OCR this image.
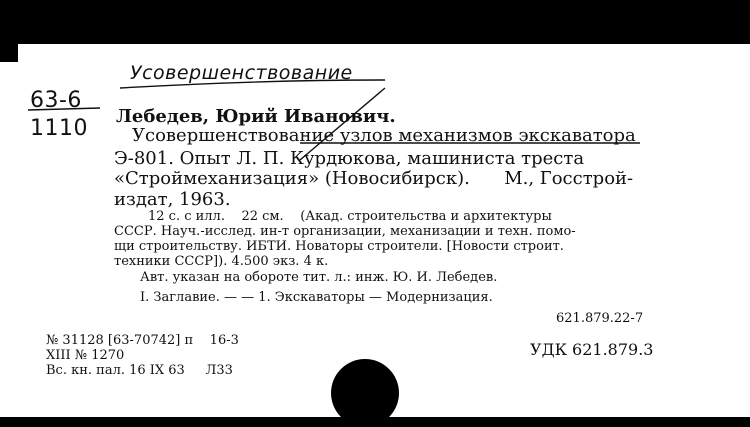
Усовершенствование
63-6
1110 Лебедев, Юрий Иванович.
Усовершенствование узлов механизмов экскаватора
Э-801. Опыт Л. П. Курдюкова, машиниста треста
«Строймеханизация» (Новосибирск).      М., Госстрой-
издат, 1963.
12 с. с илл.    22 см.    (Акад. строительства и архитектуры
СССР. Науч.-исслед. ин-т организации, механизации и техн. помо-
щи строительству. ИБТИ. Новаторы строители. [Новости строит.
техники СССР]). 4.500 экз. 4 к.
Авт. указан на обороте тит. л.: инж. Ю. И. Лебедев.
I. Заглавие. — — 1. Экскаваторы — Модернизация.
621.879.22-7
УДК 621.879.3
№ 31128 [63-70742] п    16-3
XIII № 1270
Вс. кн. пал. 16 IX 63     Л33
